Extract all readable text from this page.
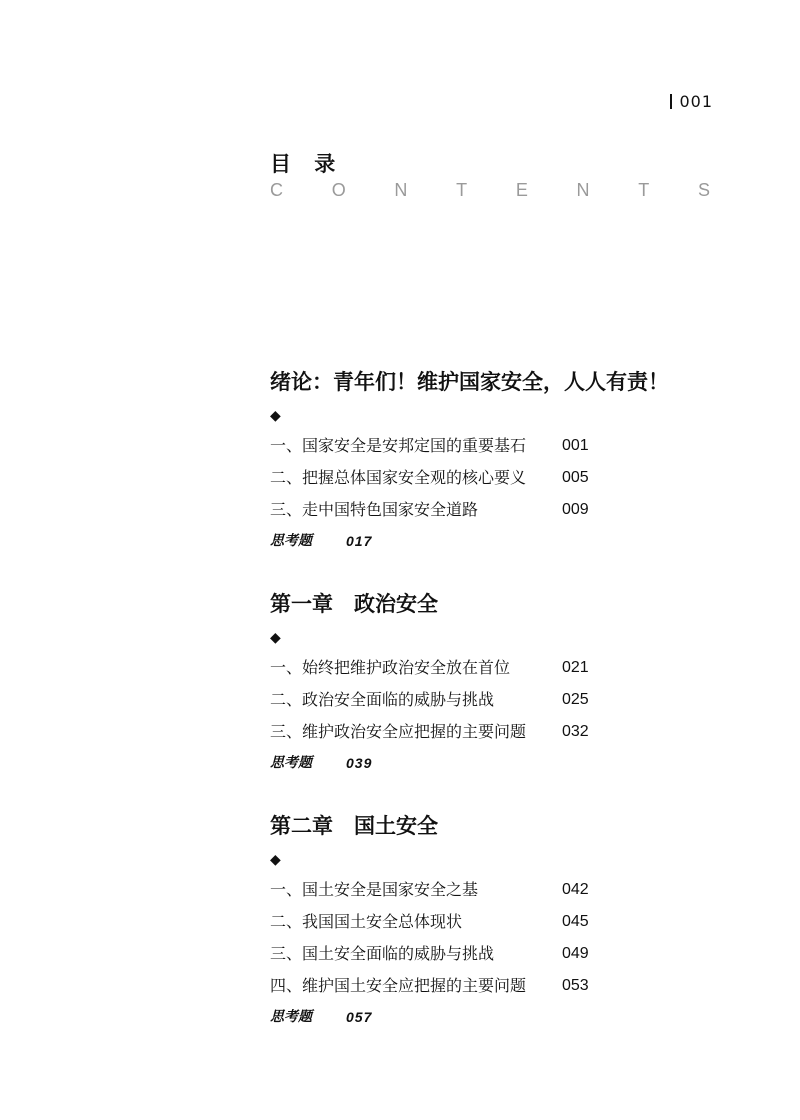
001
目 录
C	O	N	T	E	N	T	S
绪论：青年们！维护国家安全，人人有责！
◆
一、国家安全是安邦定国的重要基石	001
二、把握总体国家安全观的核心要义	005
三、走中国特色国家安全道路	009
思考题	017
第一章　政治安全
◆
一、始终把维护政治安全放在首位	021
二、政治安全面临的威胁与挑战	025
三、维护政治安全应把握的主要问题	032
思考题	039
第二章　国土安全
◆
一、国土安全是国家安全之基	042
二、我国国土安全总体现状	045
三、国土安全面临的威胁与挑战	049
四、维护国土安全应把握的主要问题	053
思考题	057
